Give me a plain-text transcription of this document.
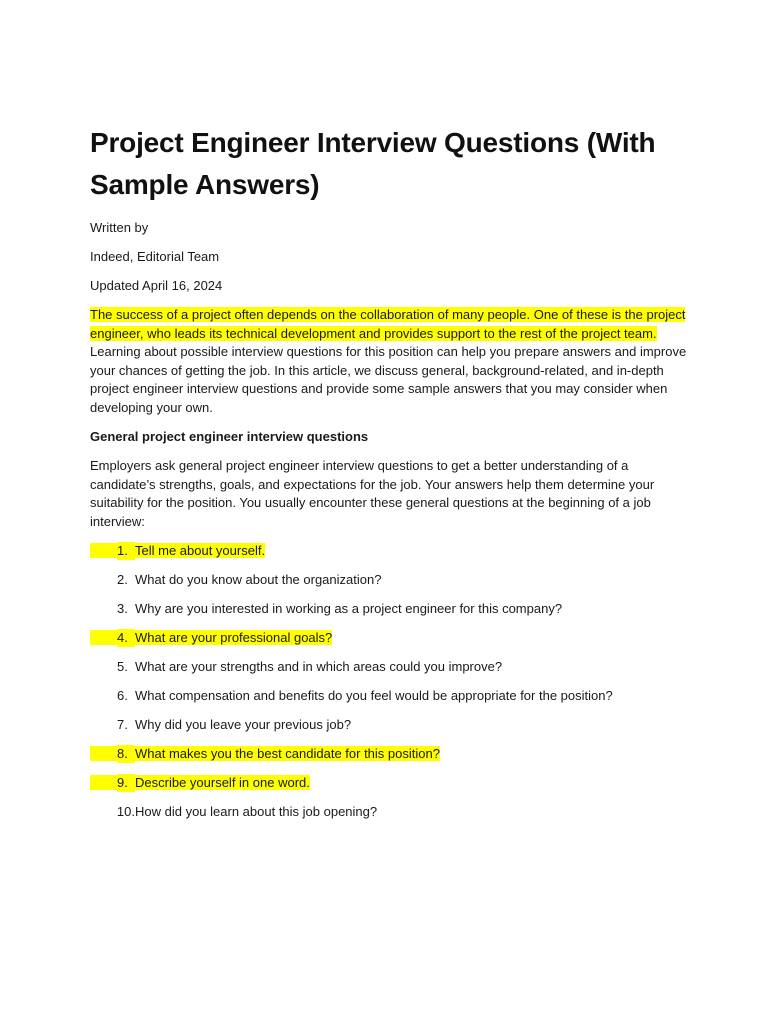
Project Engineer Interview Questions (With Sample Answers)

Written by

Indeed, Editorial Team

Updated April 16, 2024

The success of a project often depends on the collaboration of many people. One of these is the project engineer, who leads its technical development and provides support to the rest of the project team. Learning about possible interview questions for this position can help you prepare answers and improve your chances of getting the job. In this article, we discuss general, background-related, and in-depth project engineer interview questions and provide some sample answers that you may consider when developing your own.

General project engineer interview questions

Employers ask general project engineer interview questions to get a better understanding of a candidate’s strengths, goals, and expectations for the job. Your answers help them determine your suitability for the position. You usually encounter these general questions at the beginning of a job interview:

1. Tell me about yourself.
2. What do you know about the organization?
3. Why are you interested in working as a project engineer for this company?
4. What are your professional goals?
5. What are your strengths and in which areas could you improve?
6. What compensation and benefits do you feel would be appropriate for the position?
7. Why did you leave your previous job?
8. What makes you the best candidate for this position?
9. Describe yourself in one word.
10.How did you learn about this job opening?
